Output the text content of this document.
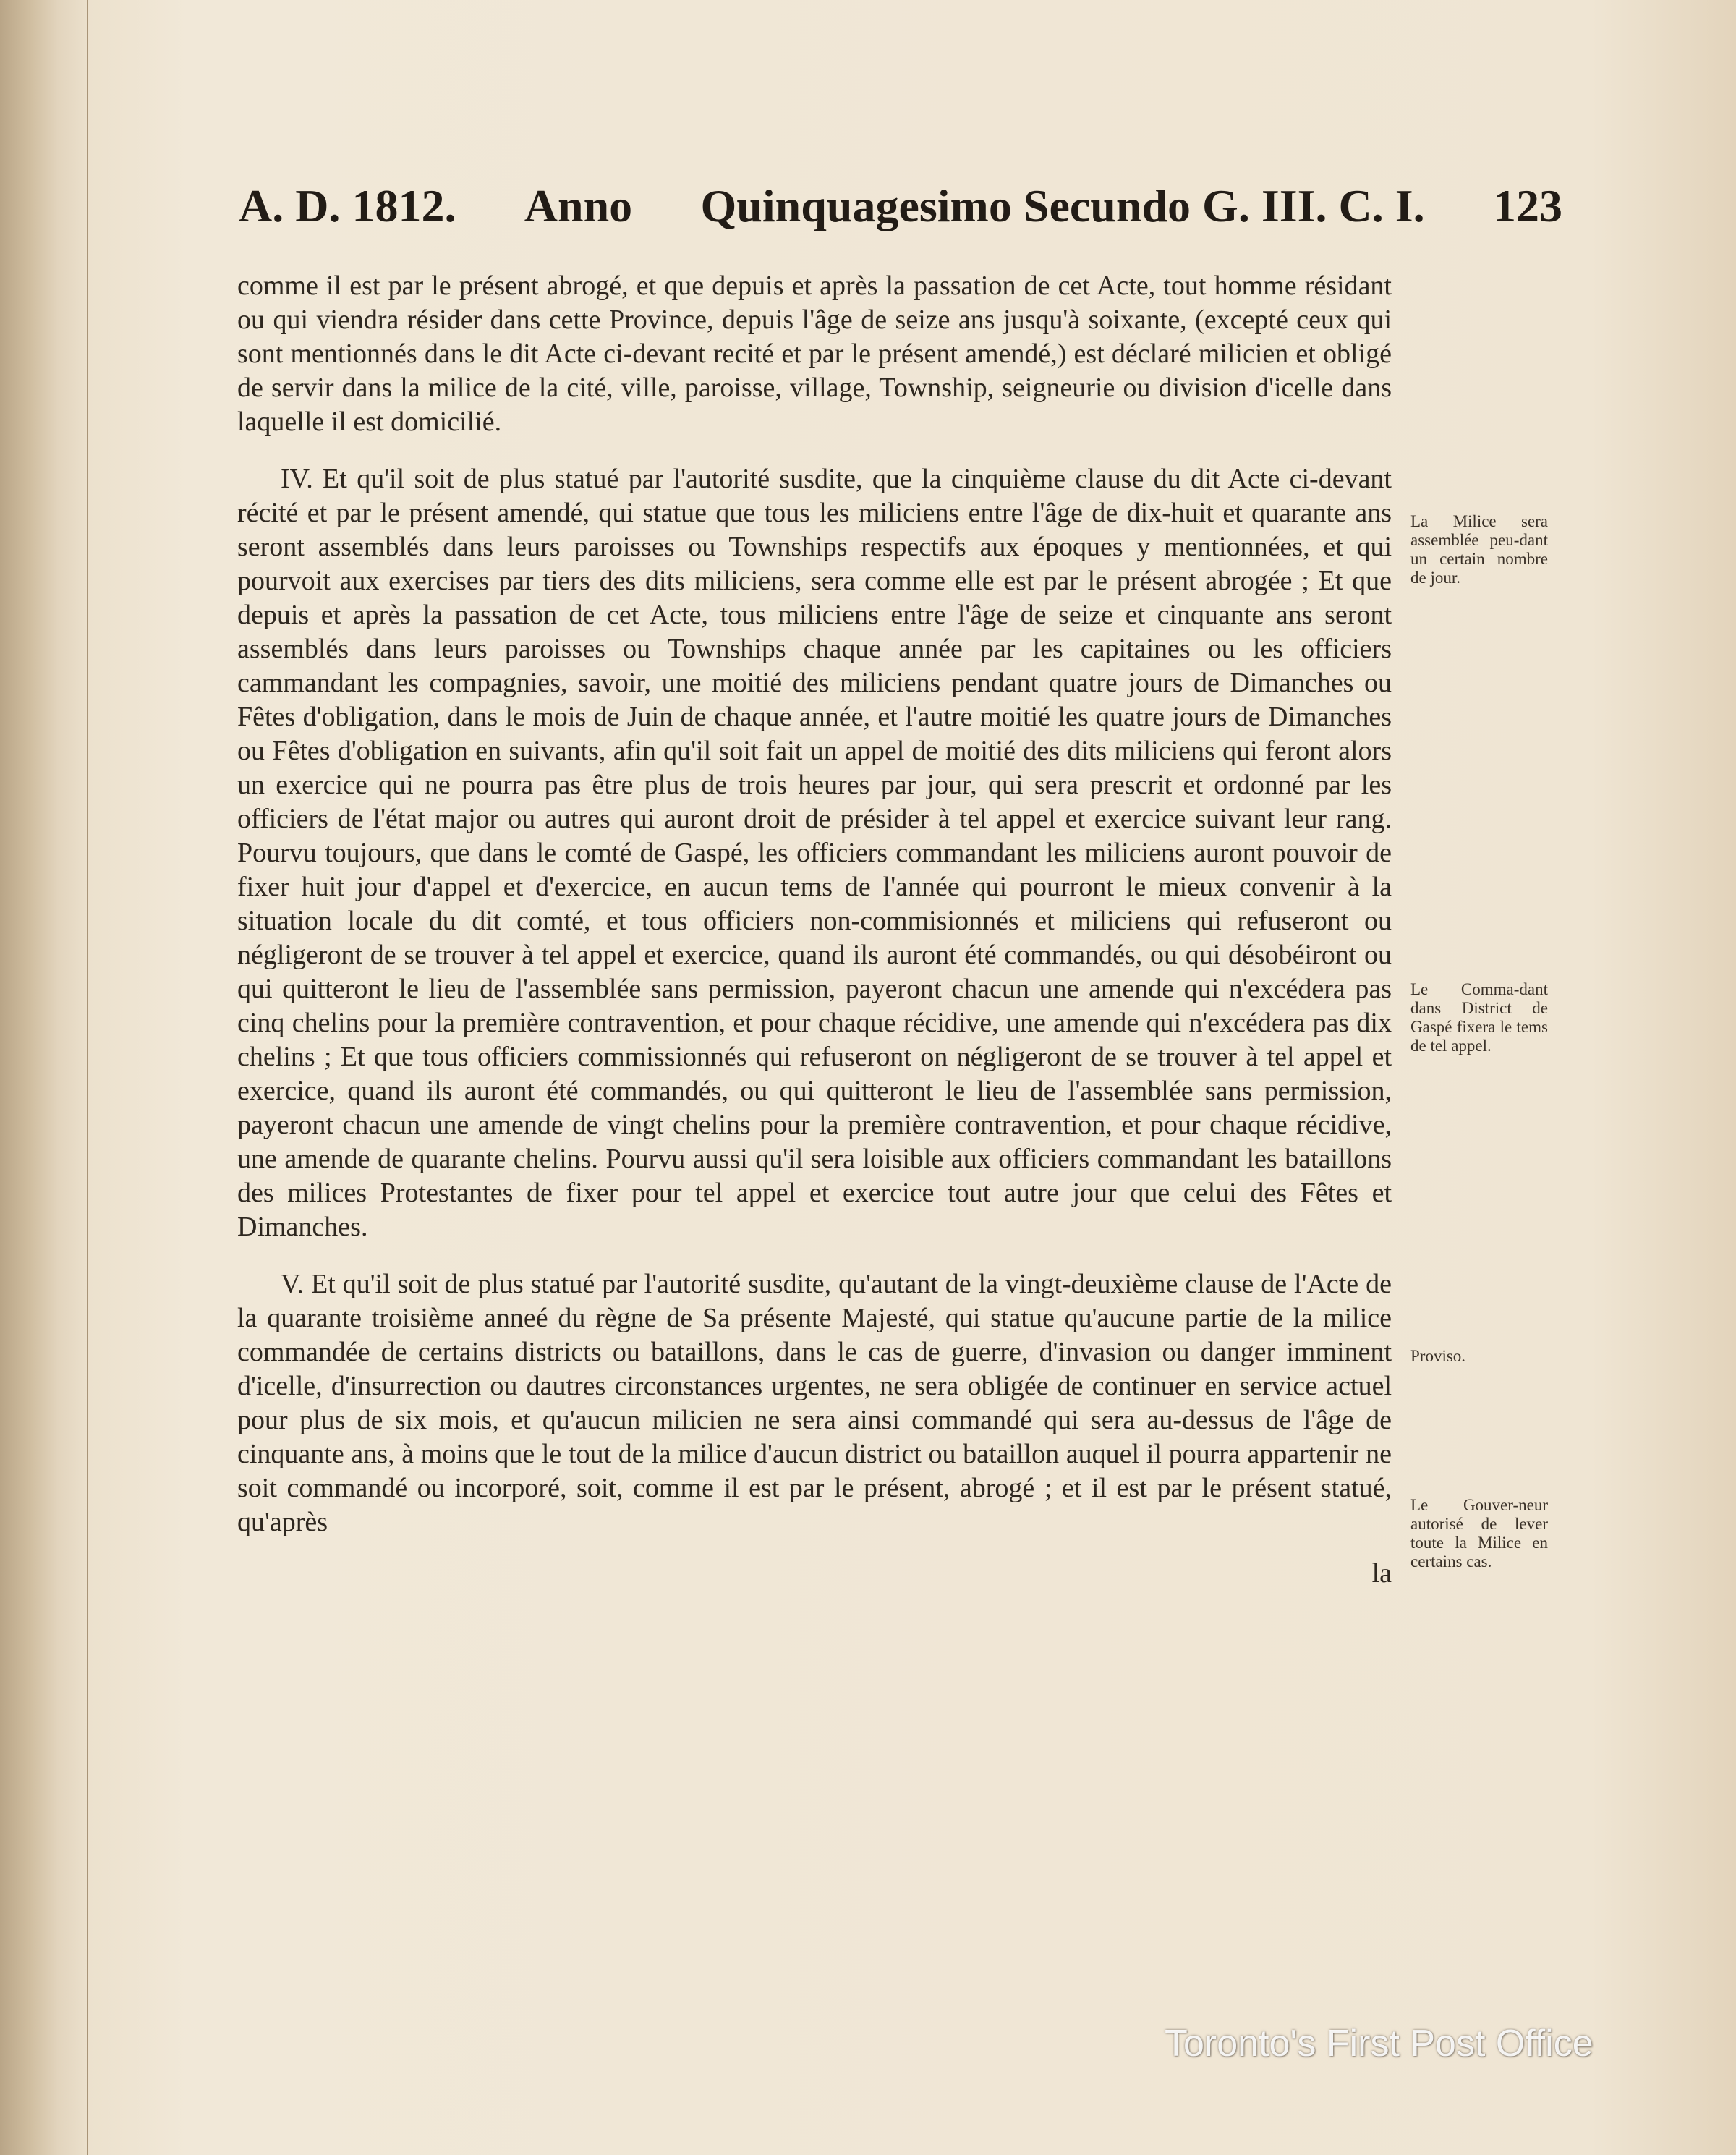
A. D. 1812. Anno Quinquagesimo Secundo G. III. C. I. 123

comme il est par le présent abrogé, et que depuis et après la passation de cet Acte, tout homme résidant ou qui viendra résider dans cette Province, depuis l'âge de seize ans jusqu'à soixante, (excepté ceux qui sont mentionnés dans le dit Acte ci-devant recité et par le présent amendé,) est déclaré milicien et obligé de servir dans la milice de la cité, ville, paroisse, village, Township, seigneurie ou division d'icelle dans laquelle il est domicilié.

IV. Et qu'il soit de plus statué par l'autorité susdite, que la cinquième clause du dit Acte ci-devant récité et par le présent amendé, qui statue que tous les miliciens entre l'âge de dix-huit et quarante ans seront assemblés dans leurs paroisses ou Townships respectifs aux époques y mentionnées, et qui pourvoit aux exercises par tiers des dits miliciens, sera comme elle est par le présent abrogée ; Et que depuis et après la passation de cet Acte, tous miliciens entre l'âge de seize et cinquante ans seront assemblés dans leurs paroisses ou Townships chaque année par les capitaines ou les officiers cammandant les compagnies, savoir, une moitié des miliciens pendant quatre jours de Dimanches ou Fêtes d'obligation, dans le mois de Juin de chaque année, et l'autre moitié les quatre jours de Dimanches ou Fêtes d'obligation en suivants, afin qu'il soit fait un appel de moitié des dits miliciens qui feront alors un exercice qui ne pourra pas être plus de trois heures par jour, qui sera prescrit et ordonné par les officiers de l'état major ou autres qui auront droit de présider à tel appel et exercice suivant leur rang. Pourvu toujours, que dans le comté de Gaspé, les officiers commandant les miliciens auront pouvoir de fixer huit jour d'appel et d'exercice, en aucun tems de l'année qui pourront le mieux convenir à la situation locale du dit comté, et tous officiers non-commisionnés et miliciens qui refuseront ou négligeront de se trouver à tel appel et exercice, quand ils auront été commandés, ou qui désobéiront ou qui quitteront le lieu de l'assemblée sans permission, payeront chacun une amende qui n'excédera pas cinq chelins pour la première contravention, et pour chaque récidive, une amende qui n'excédera pas dix chelins ; Et que tous officiers commissionnés qui refuseront on négligeront de se trouver à tel appel et exercice, quand ils auront été commandés, ou qui quitteront le lieu de l'assemblée sans permission, payeront chacun une amende de vingt chelins pour la première contravention, et pour chaque récidive, une amende de quarante chelins. Pourvu aussi qu'il sera loisible aux officiers commandant les bataillons des milices Protestantes de fixer pour tel appel et exercice tout autre jour que celui des Fêtes et Dimanches.

V. Et qu'il soit de plus statué par l'autorité susdite, qu'autant de la vingt-deuxième clause de l'Acte de la quarante troisième anneé du règne de Sa présente Majesté, qui statue qu'aucune partie de la milice commandée de certains districts ou bataillons, dans le cas de guerre, d'invasion ou danger imminent d'icelle, d'insurrection ou dautres circonstances urgentes, ne sera obligée de continuer en service actuel pour plus de six mois, et qu'aucun milicien ne sera ainsi commandé qui sera au-dessus de l'âge de cinquante ans, à moins que le tout de la milice d'aucun district ou bataillon auquel il pourra appartenir ne soit commandé ou incorporé, soit, comme il est par le présent, abrogé ; et il est par le présent statué, qu'après

la
La Milice sera assemblée peu-dant un certain nombre de jour.
Le Comma-dant dans District de Gaspé fixera le tems de tel appel.
Proviso.
Le Gouver-neur autorisé de lever toute la Milice en certains cas.
Toronto's First Post Office
